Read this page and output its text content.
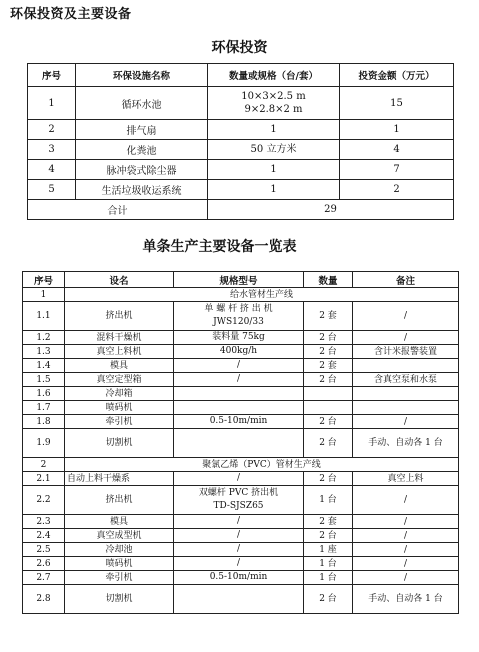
环保投资及主要设备
环保投资
序号	环保设施名称	数量或规格（台/套）	投资金额（万元）
1	循环水池	10×3×2.5 m
9×2.8×2 m	15
2	排气扇	1	1
3	化粪池	50 立方米	4
4	脉冲袋式除尘器	1	7
5	生活垃圾收运系统	1	2
合计		29	
单条生产主要设备一览表
序号	设名	规格型号	数量	备注
1	给水管材生产线			
1.1	挤出机	单 螺 杆 挤 出 机
JWS120/33	2 套	/
1.2	混料干燥机	装料量 75kg	2 台	/
1.3	真空上料机	400kg/h	2 台	含计米报警装置
1.4	模具	/	2 套	
1.5	真空定型箱	/	2 台	含真空泵和水泵
1.6	冷却箱	

1.7	喷码机	

1.8	牵引机	0.5-10m/min	2 台	/
1.9	切割机		2 台	手动、自动各 1 台
2	聚氯乙烯（PVC）管材生产线			
2.1	自动上料干燥系	/	2 台	真空上料
2.2	挤出机	双螺杆 PVC 挤出机
TD-SJSZ65	1 台	/
2.3	模具	/	2 套	/
2.4	真空成型机	/	2 台	/
2.5	冷却池	/	1 座	/
2.6	喷码机	/	1 台	/
2.7	牵引机	0.5-10m/min	1 台	/
2.8	切割机		2 台	手动、自动各 1 台
